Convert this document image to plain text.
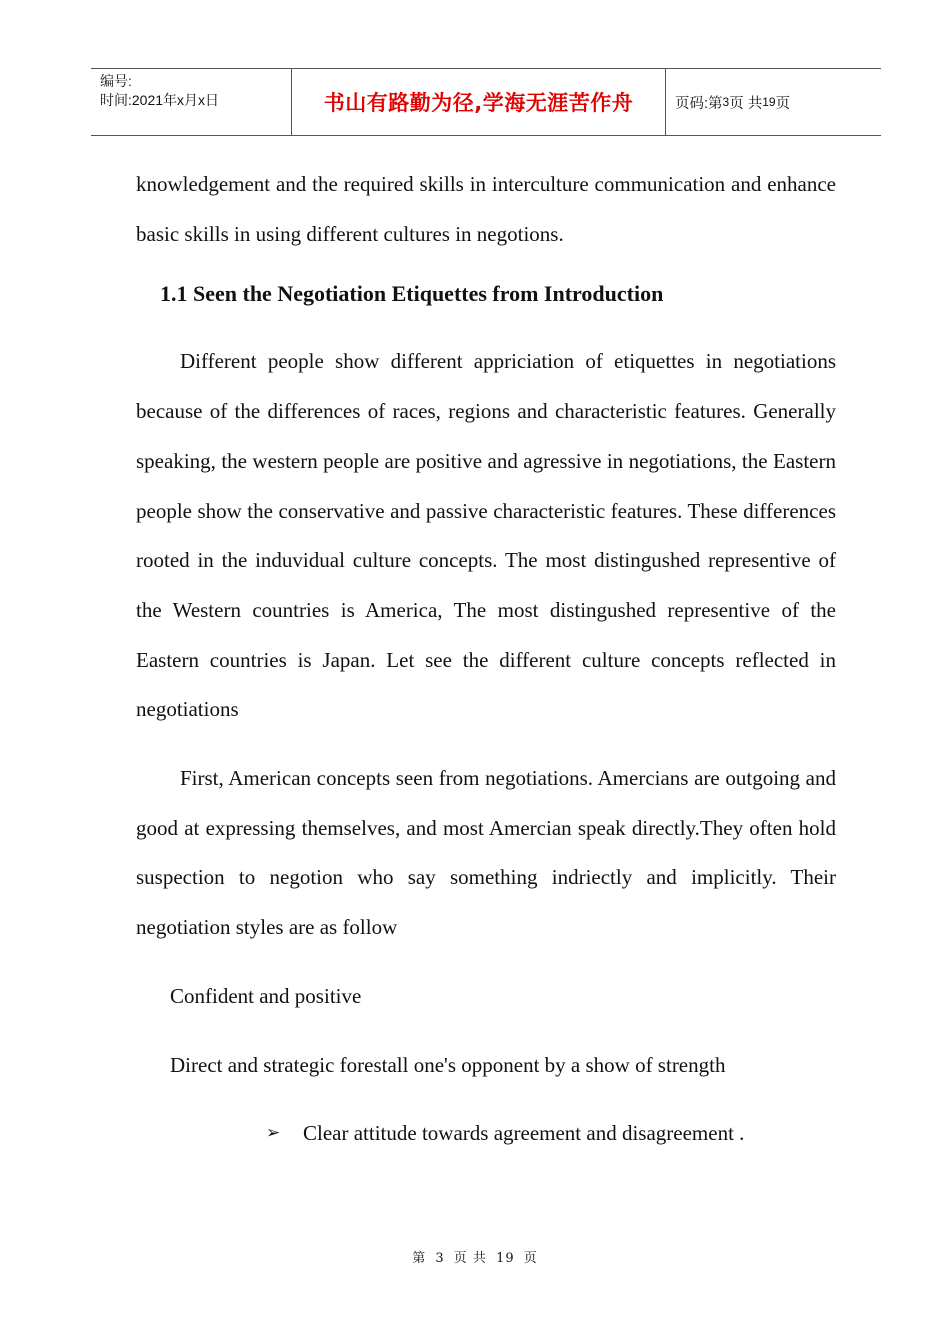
编号:
时间:2021年x月x日	书山有路勤为径,学海无涯苦作舟	页码:第 3 页 共 19 页

knowledgement and the required skills in interculture communication and enhance basic skills in using different cultures in negotions.

1.1 Seen the Negotiation Etiquettes from Introduction

Different people show different appriciation of etiquettes in negotiations because of the differences of races, regions and characteristic features. Generally speaking, the western people are positive and agressive in negotiations, the Eastern people show the conservative and passive characteristic features. These differences rooted in the induvidual culture concepts. The most distingushed representive of the Western countries is America, The most distingushed representive of the Eastern countries is Japan. Let see the different culture concepts reflected in negotiations

First, American concepts seen from negotiations. Amercians are outgoing and good at expressing themselves, and most Amercian speak directly.They often hold suspection to negotion who say something indriectly and implicitly. Their negotiation styles are as follow

Confident and positive

Direct and strategic forestall one's opponent by a show of strength

➢ Clear attitude towards agreement and disagreement .

第 3 页 共 19 页
